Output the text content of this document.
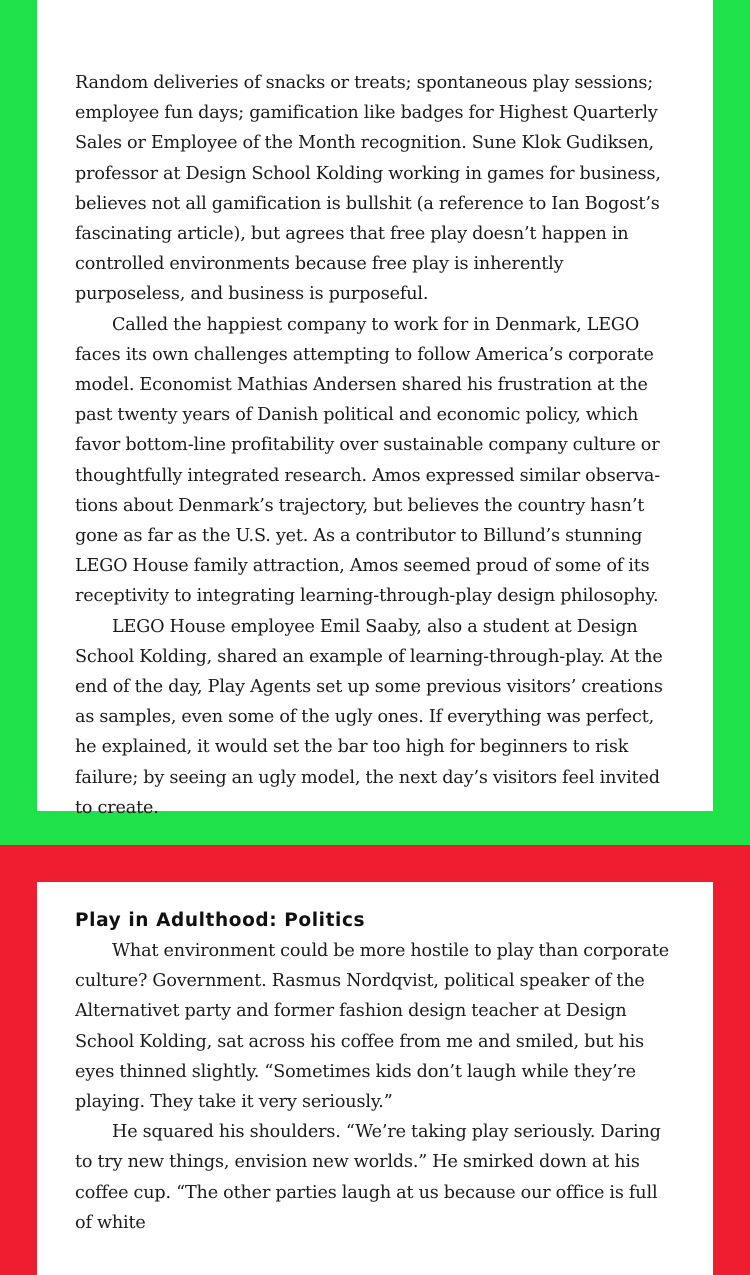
Random deliveries of snacks or treats; spontaneous play sessions; employee fun days; gamification like badges for Highest Quarterly Sales or Employee of the Month recognition. Sune Klok Gudiksen, professor at Design School Kolding working in games for business, believes not all gamification is bullshit (a reference to Ian Bogost’s fascinating article), but agrees that free play doesn’t happen in controlled environments because free play is inherently purposeless, and business is purposeful.

Called the happiest company to work for in Denmark, LEGO faces its own challenges attempting to follow America’s corporate model. Economist Mathias Andersen shared his frustration at the past twenty years of Danish political and economic policy, which favor bottom-line profitability over sustainable company culture or thoughtfully integrated research. Amos expressed similar observations about Denmark’s trajectory, but believes the country hasn’t gone as far as the U.S. yet. As a contributor to Billund’s stunning LEGO House family attraction, Amos seemed proud of some of its receptivity to integrating learning-through-play design philosophy.

LEGO House employee Emil Saaby, also a student at Design School Kolding, shared an example of learning-through-play. At the end of the day, Play Agents set up some previous visitors’ creations as samples, even some of the ugly ones. If everything was perfect, he explained, it would set the bar too high for beginners to risk failure; by seeing an ugly model, the next day’s visitors feel invited to create.

Play in Adulthood: Politics

What environment could be more hostile to play than corporate culture? Government. Rasmus Nordqvist, political speaker of the Alternativet party and former fashion design teacher at Design School Kolding, sat across his coffee from me and smiled, but his eyes thinned slightly. “Sometimes kids don’t laugh while they’re playing. They take it very seriously.”

He squared his shoulders. “We’re taking play seriously. Daring to try new things, envision new worlds.” He smirked down at his coffee cup. “The other parties laugh at us because our office is full of white
